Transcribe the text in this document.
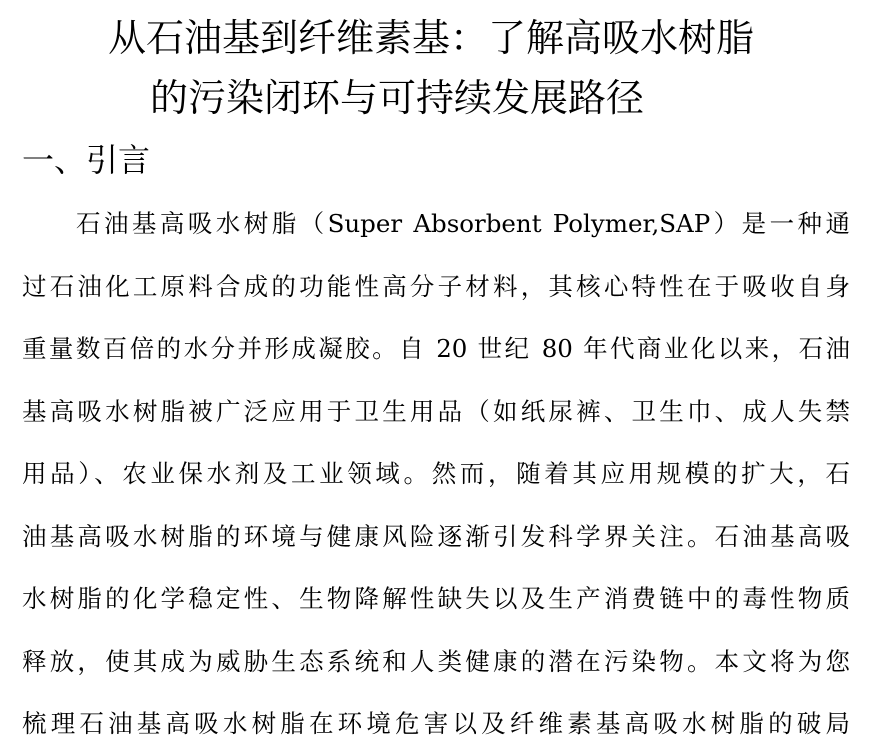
从石油基到纤维素基：了解高吸水树脂
的污染闭环与可持续发展路径
一、引言
石油基高吸水树脂（Super Absorbent Polymer,SAP）是一种通
过石油化工原料合成的功能性高分子材料，其核心特性在于吸收自身
重量数百倍的水分并形成凝胶。自 20 世纪 80 年代商业化以来，石油
基高吸水树脂被广泛应用于卫生用品（如纸尿裤、卫生巾、成人失禁
用品）、农业保水剂及工业领域。然而，随着其应用规模的扩大，石
油基高吸水树脂的环境与健康风险逐渐引发科学界关注。石油基高吸
水树脂的化学稳定性、生物降解性缺失以及生产消费链中的毒性物质
释放，使其成为威胁生态系统和人类健康的潜在污染物。本文将为您
梳理石油基高吸水树脂在环境危害以及纤维素基高吸水树脂的破局
